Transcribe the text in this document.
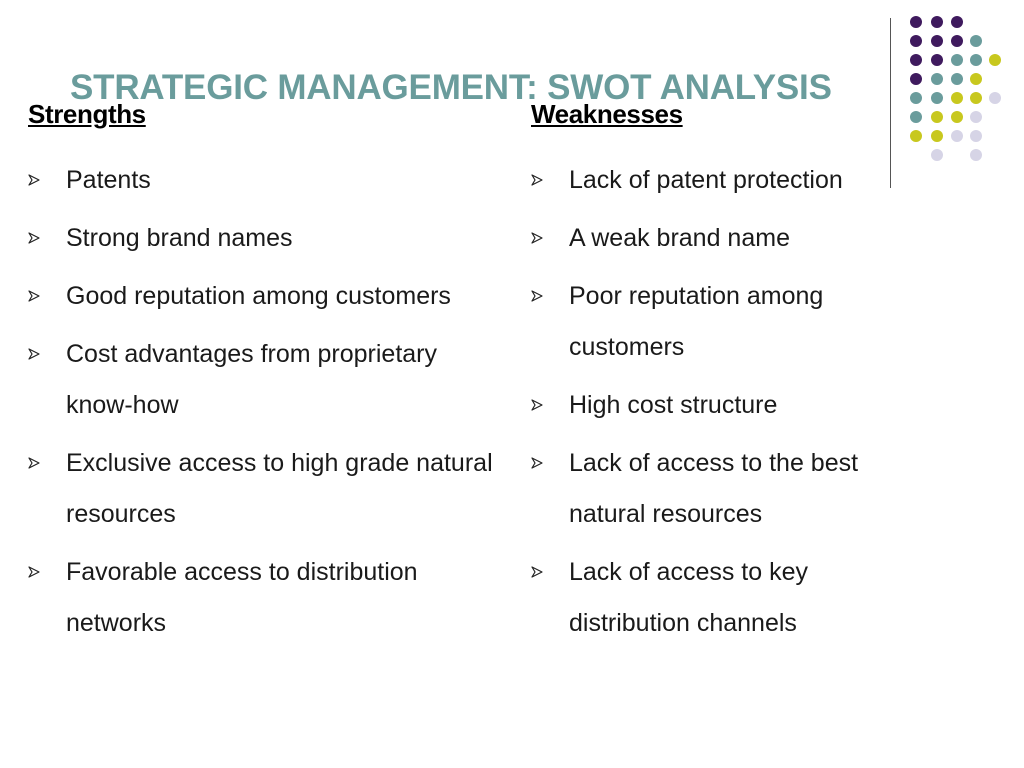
STRATEGIC MANAGEMENT: SWOT ANALYSIS
Strengths
Patents
Strong brand names
Good reputation among customers
Cost advantages from proprietary know-how
Exclusive access to high grade natural resources
Favorable access to distribution networks
Weaknesses
Lack of patent protection
A weak brand name
Poor reputation among customers
High cost structure
Lack of access to the best natural resources
Lack of access to key distribution channels
